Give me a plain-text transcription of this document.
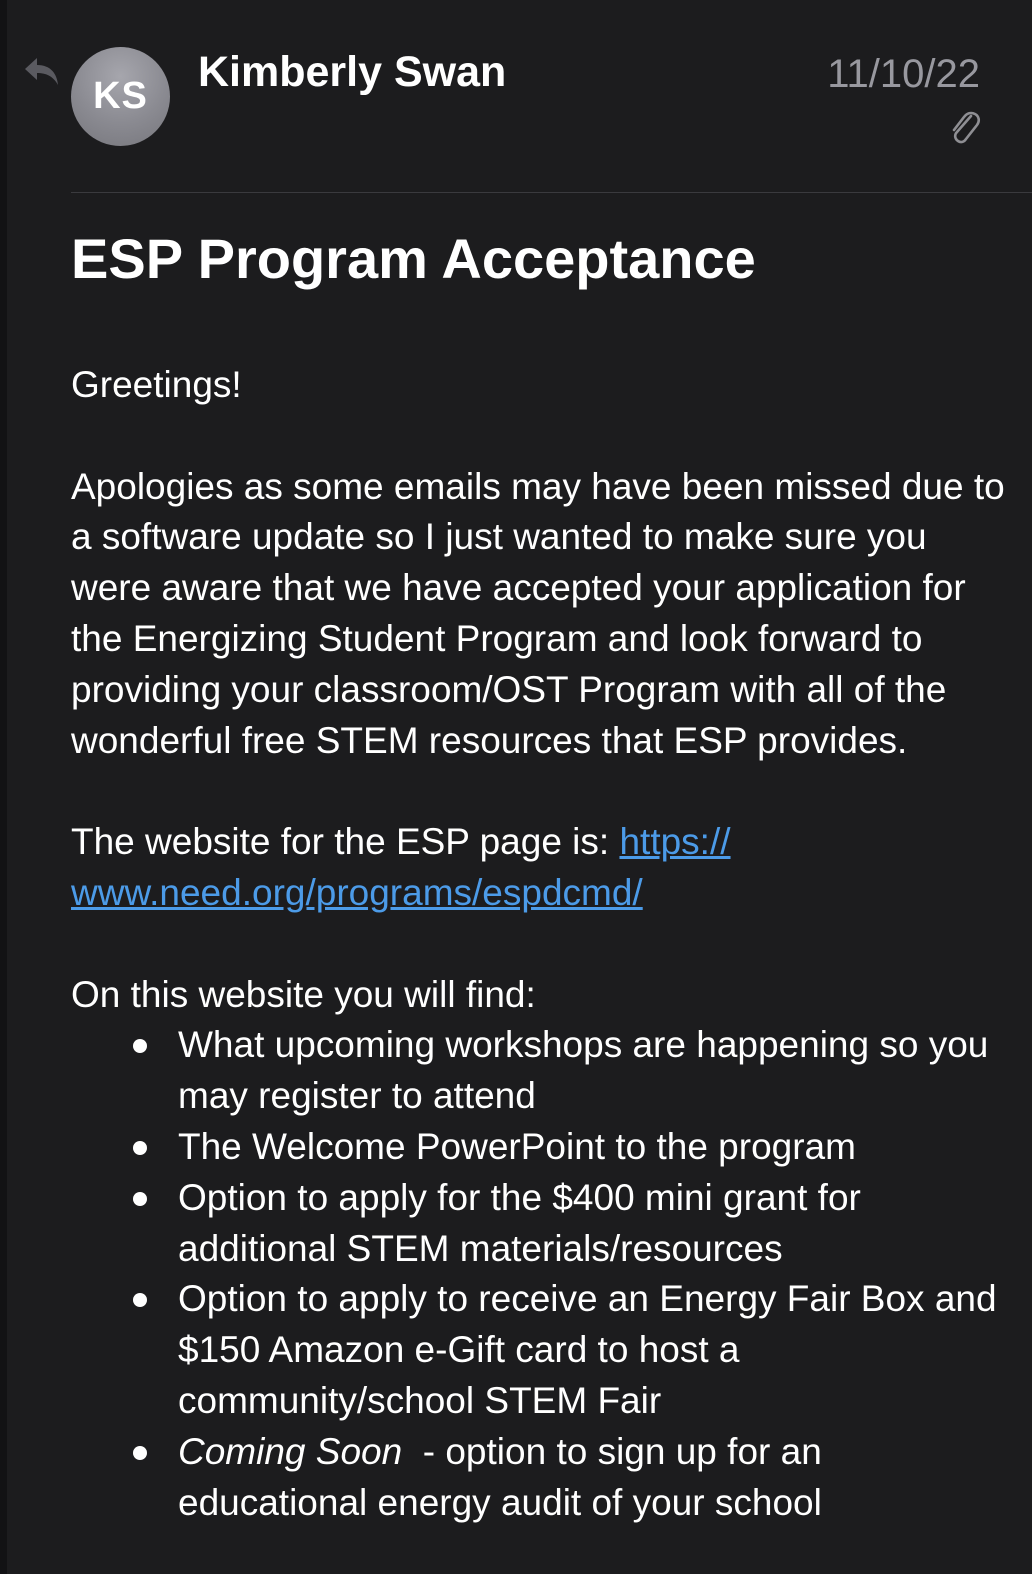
KS Kimberly Swan	11/10/22
ESP Program Acceptance

Greetings!

Apologies as some emails may have been missed due to a software update so I just wanted to make sure you were aware that we have accepted your application for the Energizing Student Program and look forward to providing your classroom/OST Program with all of the wonderful free STEM resources that ESP provides.

The website for the ESP page is: https://
www.need.org/programs/espdcmd/

On this website you will find:

What upcoming workshops are happening so you may register to attend
The Welcome PowerPoint to the program
Option to apply for the $400 mini grant for additional STEM materials/resources
Option to apply to receive an Energy Fair Box and $150 Amazon e-Gift card to host a community/school STEM Fair
Coming Soon  - option to sign up for an educational energy audit of your school
